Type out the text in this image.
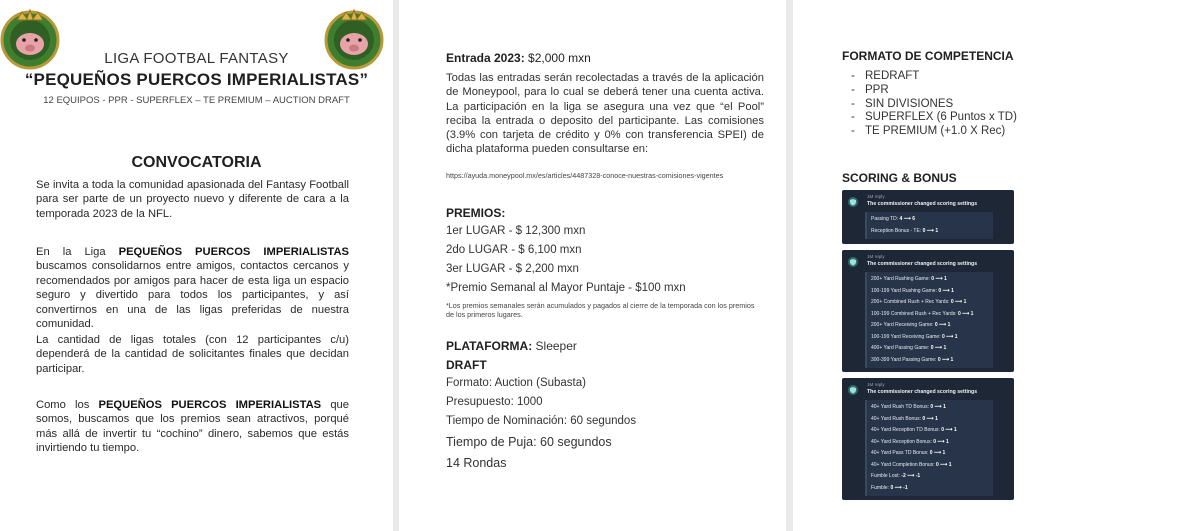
LIGA FOOTBAL FANTASY
“PEQUEÑOS PUERCOS IMPERIALISTAS”
12 EQUIPOS - PPR - SUPERFLEX – TE PREMIUM – AUCTION DRAFT
CONVOCATORIA

Se invita a toda la comunidad apasionada del Fantasy Football para ser parte de un proyecto nuevo y diferente de cara a la temporada 2023 de la NFL.

En la Liga PEQUEÑOS PUERCOS IMPERIALISTAS buscamos consolidarnos entre amigos, contactos cercanos y recomendados por amigos para hacer de esta liga un espacio seguro y divertido para todos los participantes, y así convertirnos en una de las ligas preferidas de nuestra comunidad.

La cantidad de ligas totales (con 12 participantes c/u) dependerá de la cantidad de solicitantes finales que decidan participar.

Como los PEQUEÑOS PUERCOS IMPERIALISTAS que somos, buscamos que los premios sean atractivos, porqué más allá de invertir tu “cochino” dinero, sabemos que estás invirtiendo tu tiempo.

Entrada 2023: $2,000 mxn

Todas las entradas serán recolectadas a través de la aplicación de Moneypool, para lo cual se deberá tener una cuenta activa. La participación en la liga se asegura una vez que “el Pool” reciba la entrada o deposito del participante. Las comisiones (3.9% con tarjeta de crédito y 0% con transferencia SPEI) de dicha plataforma pueden consultarse en:

https://ayuda.moneypool.mx/es/articles/4487328-conoce-nuestras-comisiones-vigentes
PREMIOS:
1er LUGAR - $ 12,300 mxn
2do LUGAR - $ 6,100 mxn
3er LUGAR - $ 2,200 mxn
*Premio Semanal al Mayor Puntaje - $100 mxn
*Los premios semanales serán acumulados y pagados al cierre de la temporada con los premios de los primeros lugares.
PLATAFORMA: Sleeper
DRAFT
Formato: Auction (Subasta)
Presupuesto: 1000
Tiempo de Nominación: 60 segundos
Tiempo de Puja: 60 segundos
14 Rondas
FORMATO DE COMPETENCIA
- REDRAFT
- PPR
- SIN DIVISIONES
- SUPERFLEX (6 Puntos x TD)
- TE PREMIUM (+1.0 X Rec)
SCORING & BONUS
1M reply
The commissioner changed scoring settings
Passing TD: 4 ⟶ 6
Reception Bonus - TE: 0 ⟶ 1
1M reply
The commissioner changed scoring settings
200+ Yard Rushing Game: 0 ⟶ 1
100-199 Yard Rushing Game: 0 ⟶ 1
200+ Combined Rush + Rec Yards: 0 ⟶ 1
100-199 Combined Rush + Rec Yards: 0 ⟶ 1
200+ Yard Receiving Game: 0 ⟶ 1
100-199 Yard Receiving Game: 0 ⟶ 1
400+ Yard Passing Game: 0 ⟶ 1
300-399 Yard Passing Game: 0 ⟶ 1
1M reply
The commissioner changed scoring settings
40+ Yard Rush TD Bonus: 0 ⟶ 1
40+ Yard Rush Bonus: 0 ⟶ 1
40+ Yard Reception TD Bonus: 0 ⟶ 1
40+ Yard Reception Bonus: 0 ⟶ 1
40+ Yard Pass TD Bonus: 0 ⟶ 1
40+ Yard Completion Bonus: 0 ⟶ 1
Fumble Lost: -2 ⟶ -1
Fumble: 0 ⟶ -1
